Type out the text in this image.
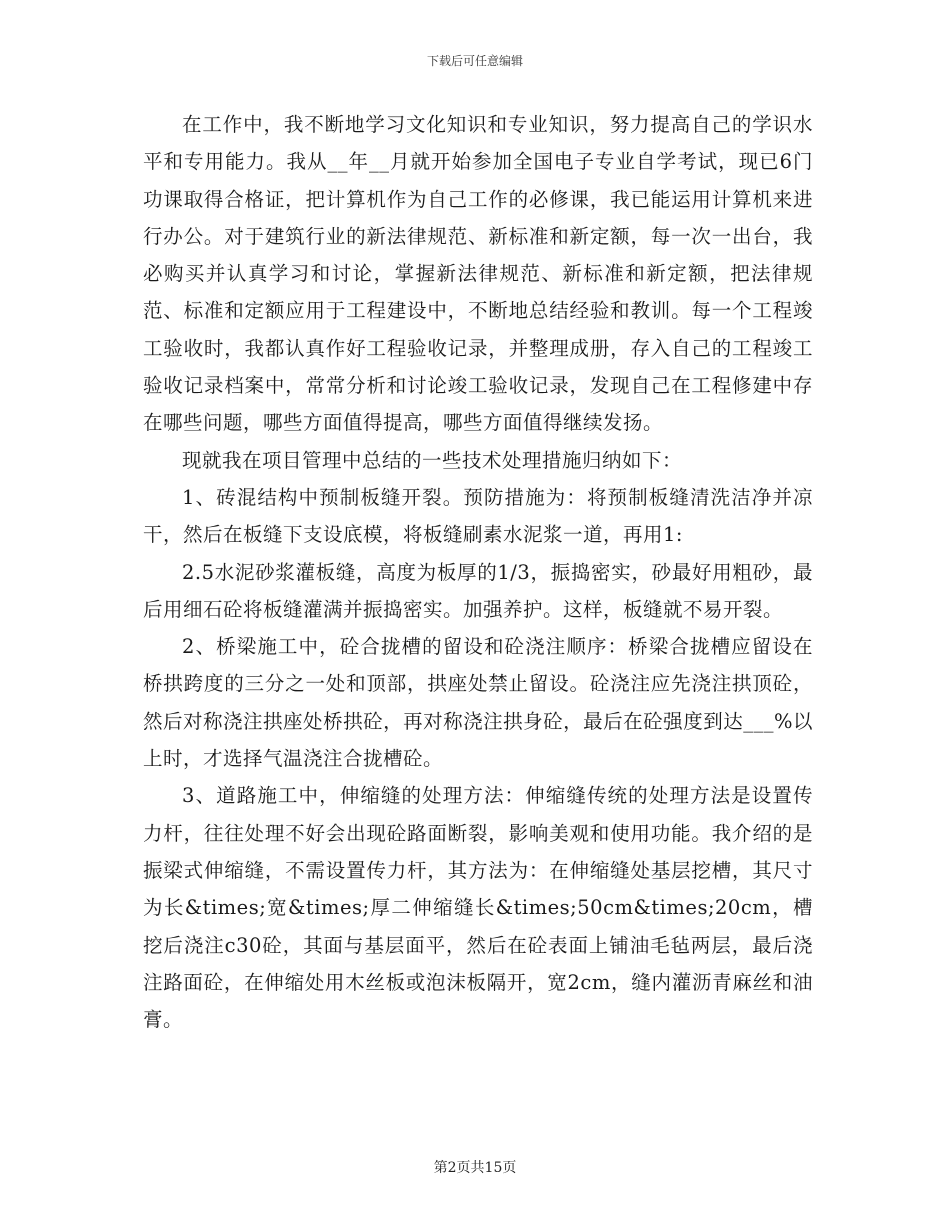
下载后可任意编辑

在工作中，我不断地学习文化知识和专业知识，努力提高自己的学识水平和专用能力。我从__年__月就开始参加全国电子专业自学考试，现已6门功课取得合格证，把计算机作为自己工作的必修课，我已能运用计算机来进行办公。对于建筑行业的新法律规范、新标准和新定额，每一次一出台，我必购买并认真学习和讨论，掌握新法律规范、新标准和新定额，把法律规范、标准和定额应用于工程建设中，不断地总结经验和教训。每一个工程竣工验收时，我都认真作好工程验收记录，并整理成册，存入自己的工程竣工验收记录档案中，常常分析和讨论竣工验收记录，发现自己在工程修建中存在哪些问题，哪些方面值得提高，哪些方面值得继续发扬。

现就我在项目管理中总结的一些技术处理措施归纳如下：

1、砖混结构中预制板缝开裂。预防措施为：将预制板缝清洗洁净并凉干，然后在板缝下支设底模，将板缝刷素水泥浆一道，再用1:

2.5水泥砂浆灌板缝，高度为板厚的1/3，振捣密实，砂最好用粗砂，最后用细石砼将板缝灌满并振捣密实。加强养护。这样，板缝就不易开裂。

2、桥梁施工中，砼合拢槽的留设和砼浇注顺序：桥梁合拢槽应留设在桥拱跨度的三分之一处和顶部，拱座处禁止留设。砼浇注应先浇注拱顶砼，然后对称浇注拱座处桥拱砼，再对称浇注拱身砼，最后在砼强度到达___%以上时，才选择气温浇注合拢槽砼。

3、道路施工中，伸缩缝的处理方法：伸缩缝传统的处理方法是设置传力杆，往往处理不好会出现砼路面断裂，影响美观和使用功能。我介绍的是振梁式伸缩缝，不需设置传力杆，其方法为：在伸缩缝处基层挖槽，其尺寸为长&times;宽&times;厚二伸缩缝长&times;50cm&times;20cm，槽挖后浇注c30砼，其面与基层面平，然后在砼表面上铺油毛毡两层，最后浇注路面砼，在伸缩处用木丝板或泡沫板隔开，宽2cm，缝内灌沥青麻丝和油膏。

第2页共15页
